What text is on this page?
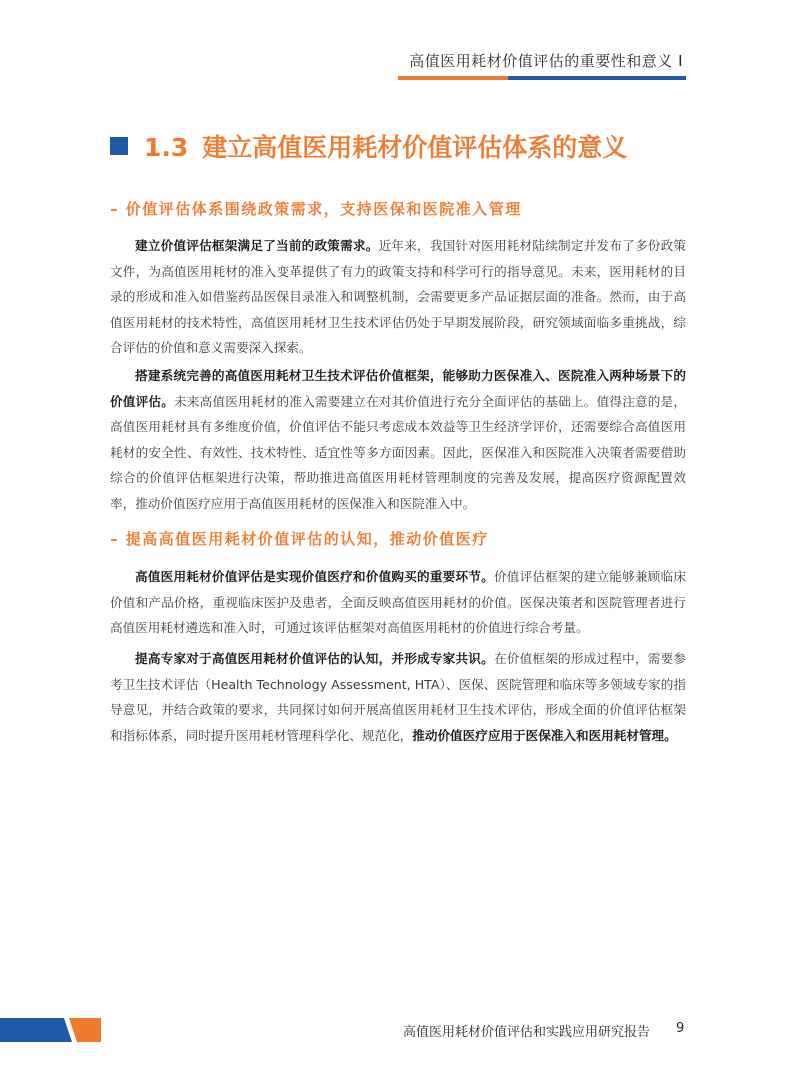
高值医用耗材价值评估的重要性和意义 I
1.3 建立高值医用耗材价值评估体系的意义
– 价值评估体系围绕政策需求，支持医保和医院准入管理

建立价值评估框架满足了当前的政策需求。近年来，我国针对医用耗材陆续制定并发布了多份政策文件，为高值医用耗材的准入变革提供了有力的政策支持和科学可行的指导意见。未来，医用耗材的目录的形成和准入如借鉴药品医保目录准入和调整机制，会需要更多产品证据层面的准备。然而，由于高值医用耗材的技术特性，高值医用耗材卫生技术评估仍处于早期发展阶段，研究领域面临多重挑战，综合评估的价值和意义需要深入探索。

搭建系统完善的高值医用耗材卫生技术评估价值框架，能够助力医保准入、医院准入两种场景下的价值评估。未来高值医用耗材的准入需要建立在对其价值进行充分全面评估的基础上。值得注意的是，高值医用耗材具有多维度价值，价值评估不能只考虑成本效益等卫生经济学评价，还需要综合高值医用耗材的安全性、有效性、技术特性、适宜性等多方面因素。因此，医保准入和医院准入决策者需要借助综合的价值评估框架进行决策，帮助推进高值医用耗材管理制度的完善及发展，提高医疗资源配置效率，推动价值医疗应用于高值医用耗材的医保准入和医院准入中。

– 提高高值医用耗材价值评估的认知，推动价值医疗

高值医用耗材价值评估是实现价值医疗和价值购买的重要环节。价值评估框架的建立能够兼顾临床价值和产品价格，重视临床医护及患者，全面反映高值医用耗材的价值。医保决策者和医院管理者进行高值医用耗材遴选和准入时，可通过该评估框架对高值医用耗材的价值进行综合考量。

提高专家对于高值医用耗材价值评估的认知，并形成专家共识。在价值框架的形成过程中，需要参考卫生技术评估（Health Technology Assessment, HTA）、医保、医院管理和临床等多领域专家的指导意见，并结合政策的要求，共同探讨如何开展高值医用耗材卫生技术评估，形成全面的价值评估框架和指标体系，同时提升医用耗材管理科学化、规范化，推动价值医疗应用于医保准入和医用耗材管理。

高值医用耗材价值评估和实践应用研究报告 9
